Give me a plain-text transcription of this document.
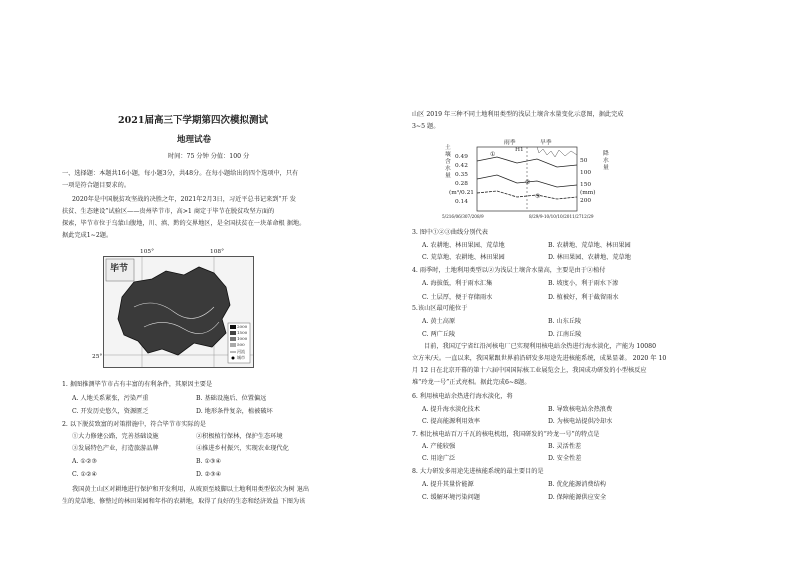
2021届高三下学期第四次模拟测试
地理试卷
时间：75 分钟 分值：100 分
一、选择题：本题共16小题，每小题3分，共48分。在每小题给出的四个选项中，只有
一项是符合题目要求的。
2020年是中国脱贫攻坚战的决胜之年，2021年2月3日，习近平总书记来到“开 发
扶贫、生态建设”试验区——贵州毕节市，高>1 商定于毕节在脱贫攻坚方面的
探索，毕节市位于乌蒙山腹地，川、滇、黔的交界地区，是全国扶贫在一块革命根 据地。
据此完成1~2题。
105°	108°
25°
毕节
2000
1500
1000
500
河流
城市
1. 据图推测毕节市占有丰富的有利条件，其原因主要是
A. 人地关系紧张，污染严重	B. 基础设施后、位置偏远
C. 开发历史悠久，资源匮乏	D. 地形条件复杂，植被破坏
2. 以下脱贫致富的对策措施中，符合毕节市实际的是
①大力修建公路，完善基础设施	②积极植行保林，保护生态环境
③发展特色产业，打造旅游品牌	④推进乡村振兴，实现农业现代化
A. ①②③	B. ①③④
C. ①②④	D. ②③④
我国黄土山区对耕地进行保护和开发利用，从坡顶至坡脚以土地利用类型依次为树 退出
生的荒草地、修整过的林田果园和年作的农耕地，取得了良好的生态和经济效益 下图为该
山区 2019 年三种不同土地利用类型的浅层土壤含水量变化示意图，据此完成
3~5 题。
雨季	旱季
土壤含水量
降水量
0.49
0.42
0.35
0.28
(m³/0.21
0.14
50
100
150
200
(mm)
①
②
③
H1
5/216/06/307/208/9	8/29/9-10/10/10/2011/2712/29
3. 图中①②③曲线分别代表
A. 农耕地、林田果园、荒草地	B. 农耕地、荒草地、林田果园
C. 荒草地、农耕地、林田果园	D. 林田果园、农耕地、荒草地
4. 雨季时，土地利用类型以②为浅层土壤含水量高，主要是由于②植付
A. 海拔低，利于雨水汇集	B. 坡度小，利于雨水下渗
C. 土层厚，便于存储雨水	D. 植被好，利于截留雨水
5.该山区最可能位于
A. 黄土高原	B. 山东丘陵
C. 两广丘陵	D. 江南丘陵
目前，我国辽宁省红沿河核电厂已实现利用核电站余热进行海水淡化，产能为 10080
立方米/天。一直以来，我国紧跟世界前沿研发多用途先进核能系统，成果显著。 2020 年 10
月 12 日在北京开幕的第十六届中国国际核工业展览会上，我国成功研发的小型核反应
堆“玲龙一号”正式亮相。据此完成6~8题。
6. 利用核电站余热进行海水淡化，将
A. 提升海水淡化技术	B. 导致核电站余热浪费
C. 提高能源利用效率	D. 为核电站提供冷却水
7. 相比核电站百万千瓦的核电机组，我国研发的“玲龙一号”的特点是
A. 产能较强	B. 灵活性差
C. 用途广泛	D. 安全性差
8. 大力研发多用途先进核能系统的最主要目的是
A. 提升其量价能源	B. 优化能源消费结构
C. 缓解环境污染问题	D. 保障能源供应安全
